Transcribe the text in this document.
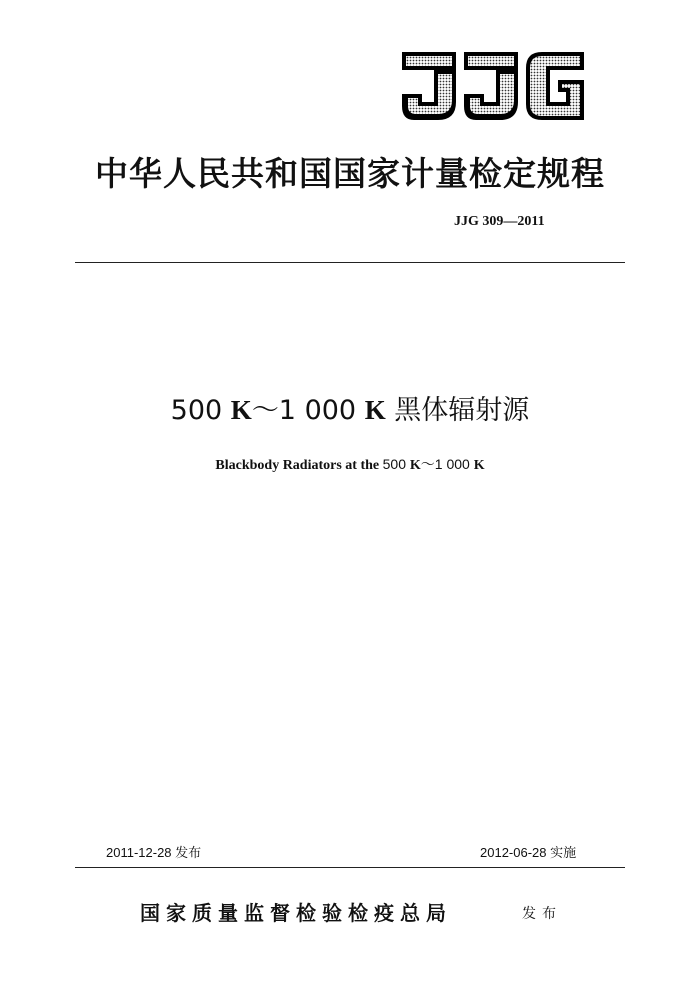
中华人民共和国国家计量检定规程
JJG 309—2011
500 K～1 000 K 黑体辐射源
Blackbody Radiators at the 500 K～1 000 K
2011-12-28 发布	2012-06-28 实施
国家质量监督检验检疫总局	发布
